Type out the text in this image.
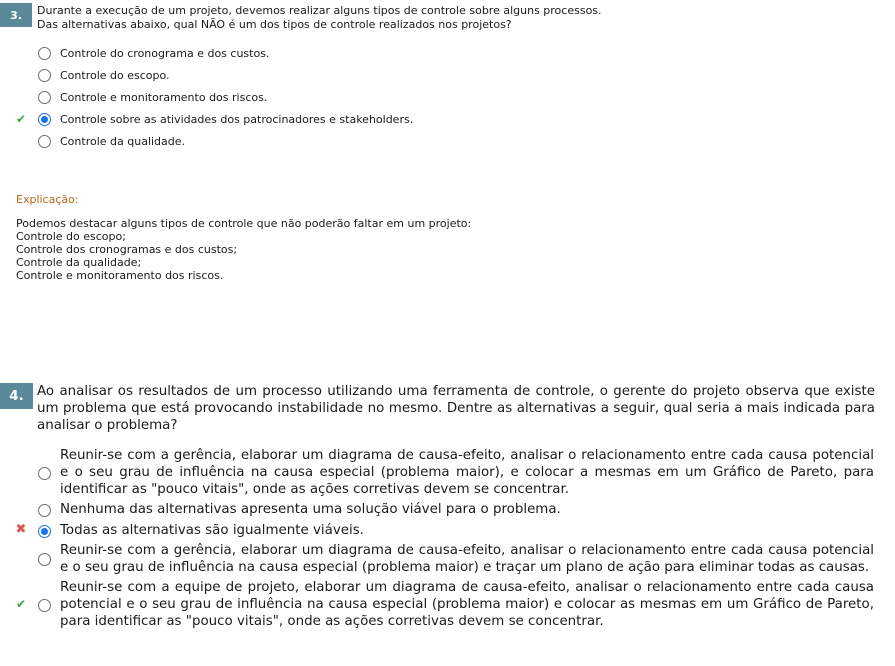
3.	Durante a execução de um projeto, devemos realizar alguns tipos de controle sobre alguns processos.
Das alternativas abaixo, qual NÃO é um dos tipos de controle realizados nos projetos?
Controle do cronograma e dos custos.
Controle do escopo.
Controle e monitoramento dos riscos.
✔	Controle sobre as atividades dos patrocinadores e stakeholders.
Controle da qualidade.
Explicação:
Podemos destacar alguns tipos de controle que não poderão faltar em um projeto:
Controle do escopo;
Controle dos cronogramas e dos custos;
Controle da qualidade;
Controle e monitoramento dos riscos.
4. Ao analisar os resultados de um processo utilizando uma ferramenta de controle, o gerente do projeto observa que existe um problema que está provocando instabilidade no mesmo. Dentre as alternativas a seguir, qual seria a mais indicada para analisar o problema?
Reunir-se com a gerência, elaborar um diagrama de causa-efeito, analisar o relacionamento entre cada causa potencial e o seu grau de influência na causa especial (problema maior), e colocar a mesmas em um Gráfico de Pareto, para identificar as "pouco vitais", onde as ações corretivas devem se concentrar.
Nenhuma das alternativas apresenta uma solução viável para o problema.
✖	Todas as alternativas são igualmente viáveis.
Reunir-se com a gerência, elaborar um diagrama de causa-efeito, analisar o relacionamento entre cada causa potencial e o seu grau de influência na causa especial (problema maior) e traçar um plano de ação para eliminar todas as causas.
✔
Reunir-se com a equipe de projeto, elaborar um diagrama de causa-efeito, analisar o relacionamento entre cada causa potencial e o seu grau de influência na causa especial (problema maior) e colocar as mesmas em um Gráfico de Pareto, para identificar as "pouco vitais", onde as ações corretivas devem se concentrar.
